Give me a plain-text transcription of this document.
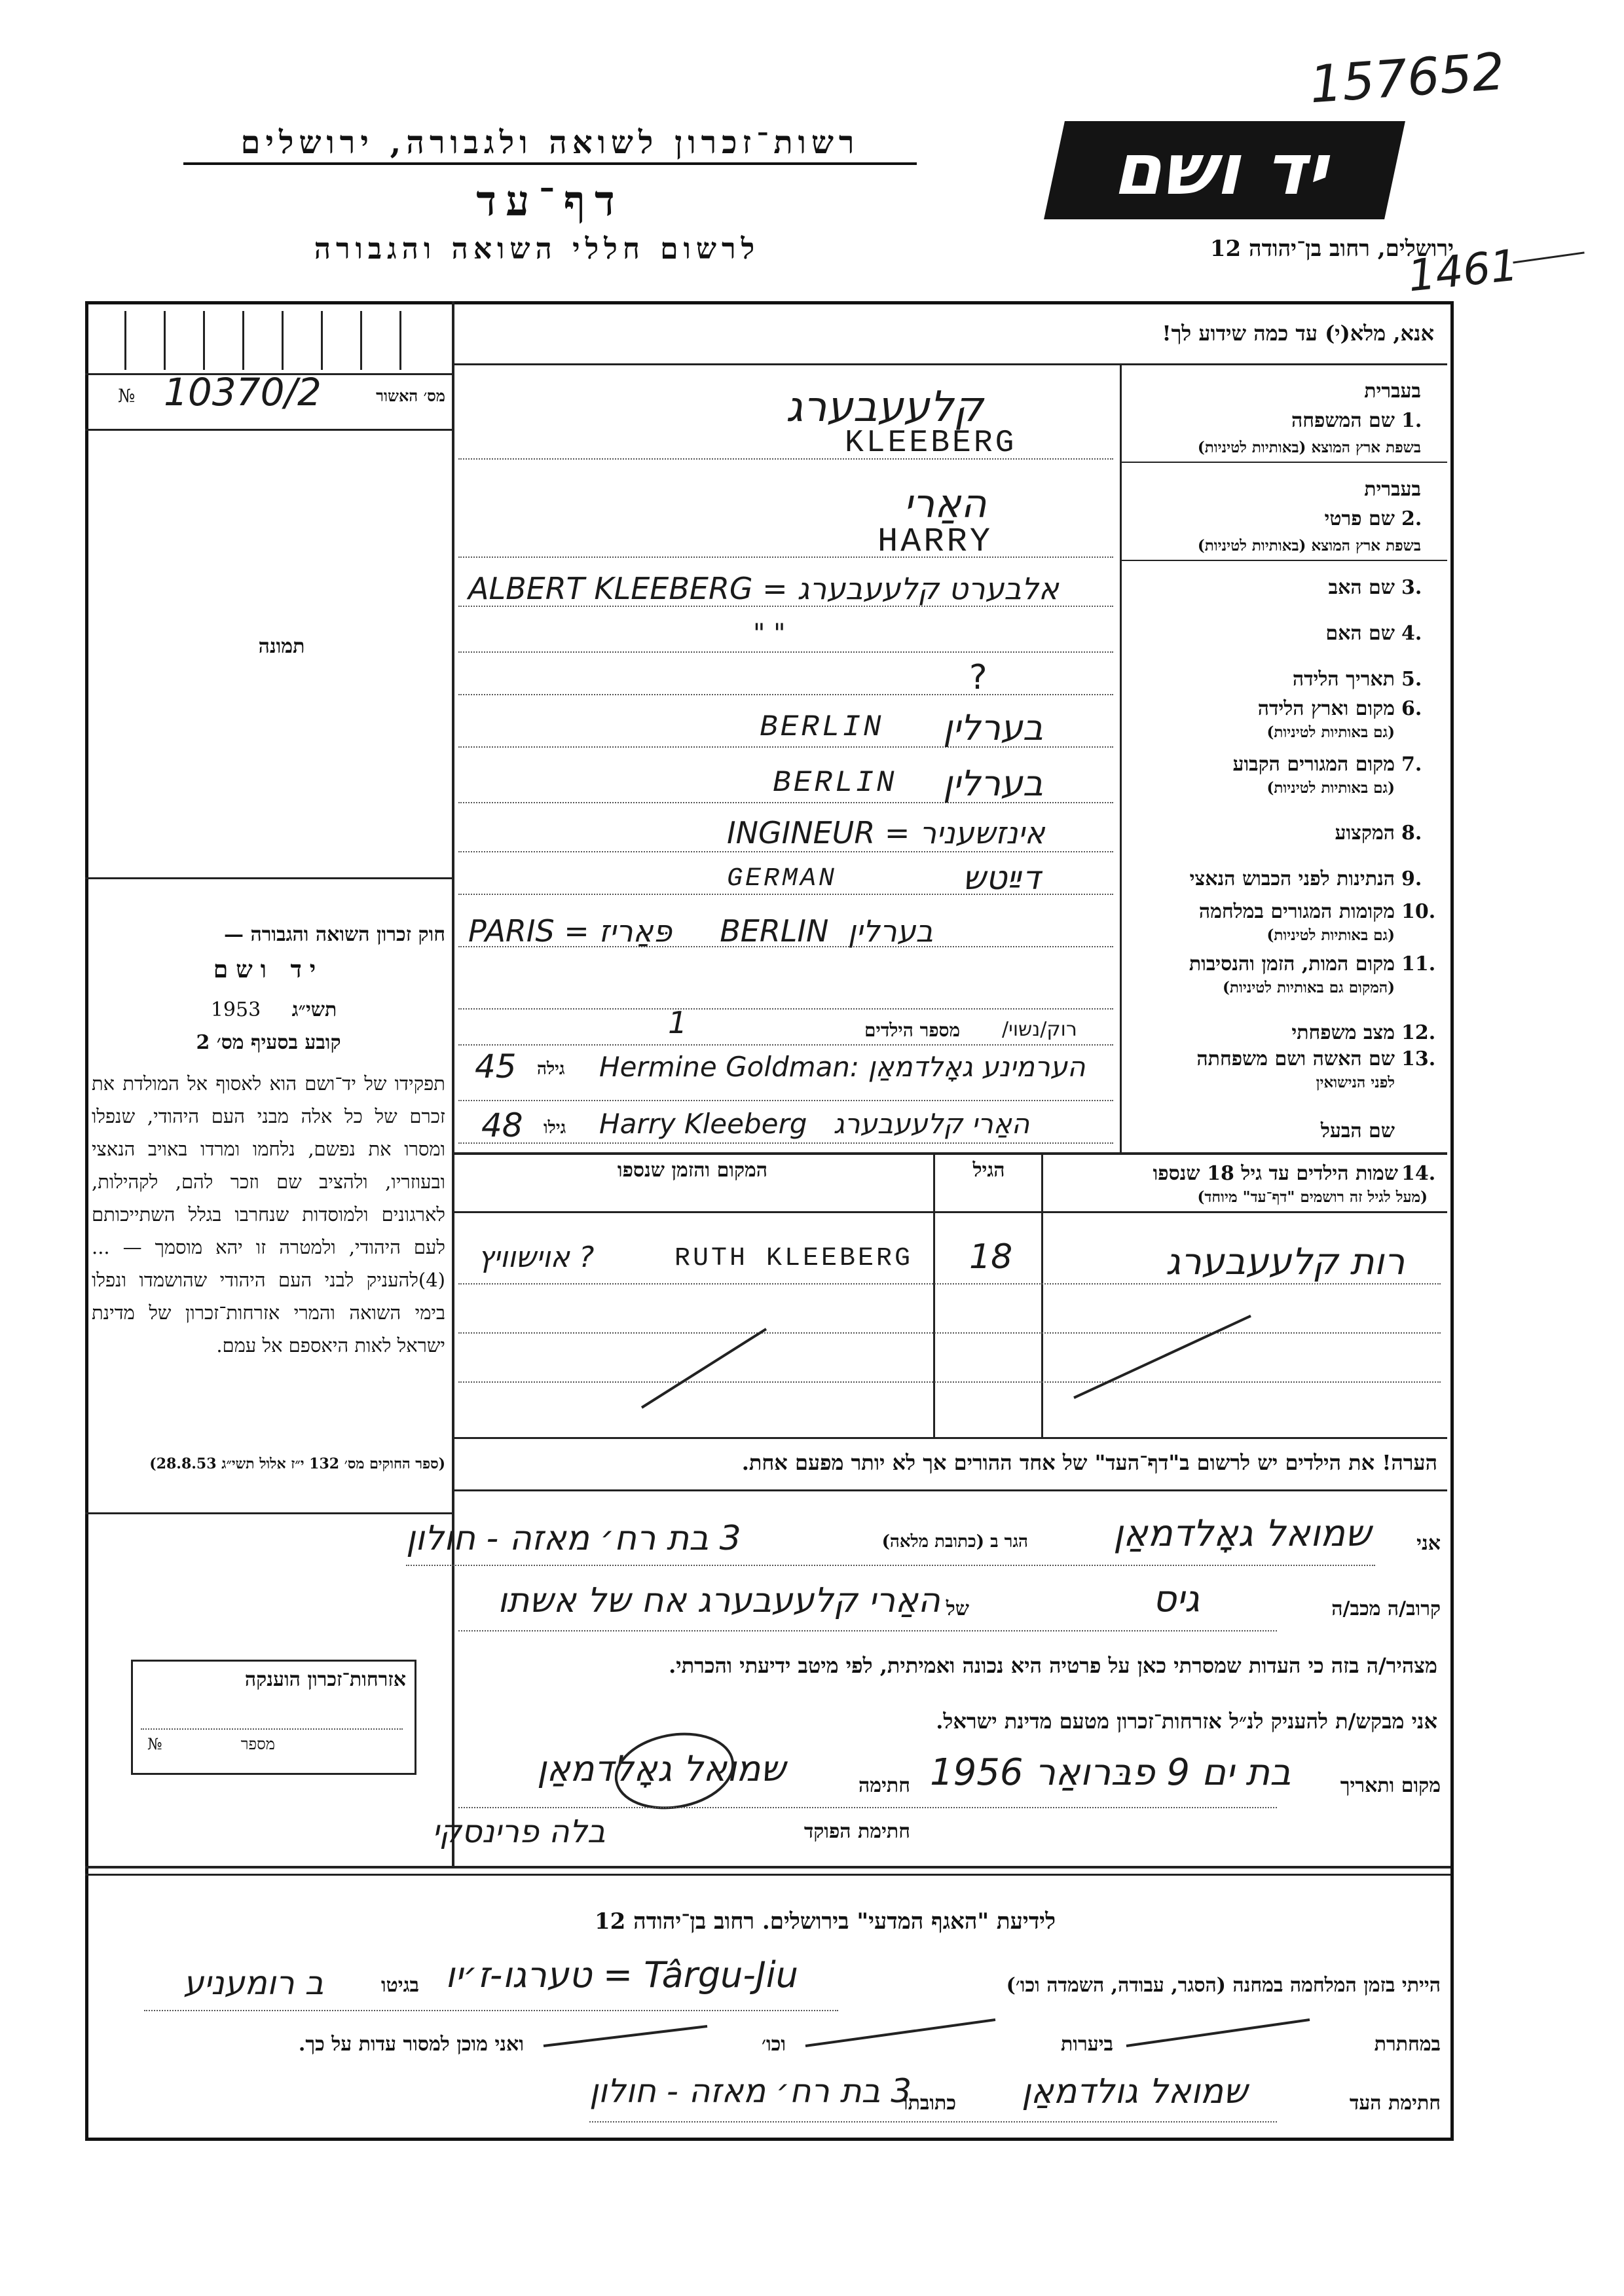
157652
1461
יד ושם
ירושלים, רחוב בן־יהודה 12
רשות־זכרון לשואה ולגבורה, ירושלים
דף־עד
לרשום חללי השואה והגבורה
אנא, מלא(י) עד כמה שידוע לך!
מס׳ האשור
10370/2
№
תמונה
חוק זכרון השואה והגבורה —
יד ושם
תשי״ג
1953
קובע בסעיף מס׳ 2
תפקידו של יד־ושם הוא לאסוף אל המולדת את זכרם של כל אלה מבני העם היהודי, שנפלו ומסרו את נפשם, נלחמו ומרדו באויב הנאצי ובעוזריו, ולהציב שם וזכר להם, לקהילות, לארגונים ולמוסדות שנחרבו בגלל השתייכותם לעם היהודי, ולמטרה זו יהא מוסמך — ...(4)להעניק לבני העם היהודי שהושמדו ונפלו בימי השואה והמרי אזרחות־זכרון של מדינת ישראל לאות היאספם אל עמם.
(ספר החוקים מס׳ 132 י״ז אלול תשי״ג 28.8.53)
אזרחות־זכרון הוענקה
מספר
№
בעברית
1.
שם המשפחה
בשפת ארץ המוצא (באותיות לטיניות)
בעברית
2.
שם פרטי
בשפת ארץ המוצא (באותיות לטיניות)
3.
שם האב
4.
שם האם
5.
תאריך הלידה
6.
מקום וארץ הלידה
(גם באותיות לטיניות)
7.
מקום המגורים הקבוע
(גם באותיות לטיניות)
8.
המקצוע
9.
הנתינות לפני הכבוש הנאצי
10.
מקומות המגורים במלחמה
(גם באותיות לטיניות)
11.
מקום המות, הזמן והנסיבות
(המקום גם באותיות לטיניות)
12.
מצב משפחתי
13.
שם האשה ושם משפחתה
לפני הנישואין
שם הבעל
קלעעבערג
KLEEBERG
האַרי
HARRY
ALBERT KLEEBERG = אלבערט קלעעבערג
" "
?
BERLIN בערלין
BERLIN בערלין
INGINEUR = אינזשעניר
GERMAN	דײַטש
PARIS = פּאַריז     BERLIN  בערלין
רוק/נשוי/
מספר הילדים
1
45 גילה Hermine Goldman: הערמינע גאָלדמאַן
48 גילו Harry Kleeberg   האַרי קלעעבערג
14.
שמות הילדים עד גיל 18 שנספו
(מעל לגיל זה רושמים "דף־עד" מיוחד)
הגיל
המקום והזמן שנספו
רות קלעעבערג
RUTH KLEEBERG 18
? אוישוויץ
הערה! את הילדים יש לרשום ב"דף־העד" של אחד ההורים אך לא יותר מפעם אחת.
אני
שמואל גאָלדמאַן
הגר ב (כתובת מלאה)
3 בת רח׳ מאזה - חולון
קרוב/ה מכב/ה
גיס
של
האַרי קלעעבערג אח של אשתו
מצהיר/ה בזה כי העדות שמסרתי כאן על פרטיה היא נכונה ואמיתית, לפי מיטב ידיעתי והכרתי.
אני מבקש/ת להעניק לנ״ל אזרחות־זכרון מטעם מדינת ישראל.
מקום ותאריך
בת ים 9 פבּרואַר 1956
חתימה
שמואל גאָלדמאַן
חתימת הפוקד
בלה פרינסקי
לידיעת "האגף המדעי" בירושלים. רחוב בן־יהודה 12
הייתי בזמן המלחמה במחנה (הסגר, עבודה, השמדה וכו׳)
טערגו-ז׳יו = Târgu-Jiu
בגיטו
ב רומעניע
במחתרת
ביערות
וכו׳
ואני מוכן למסור עדות על כך.
חתימת העד
שמואל גולדמאַן
כתובתו
3 בת רח׳ מאזה - חולון
